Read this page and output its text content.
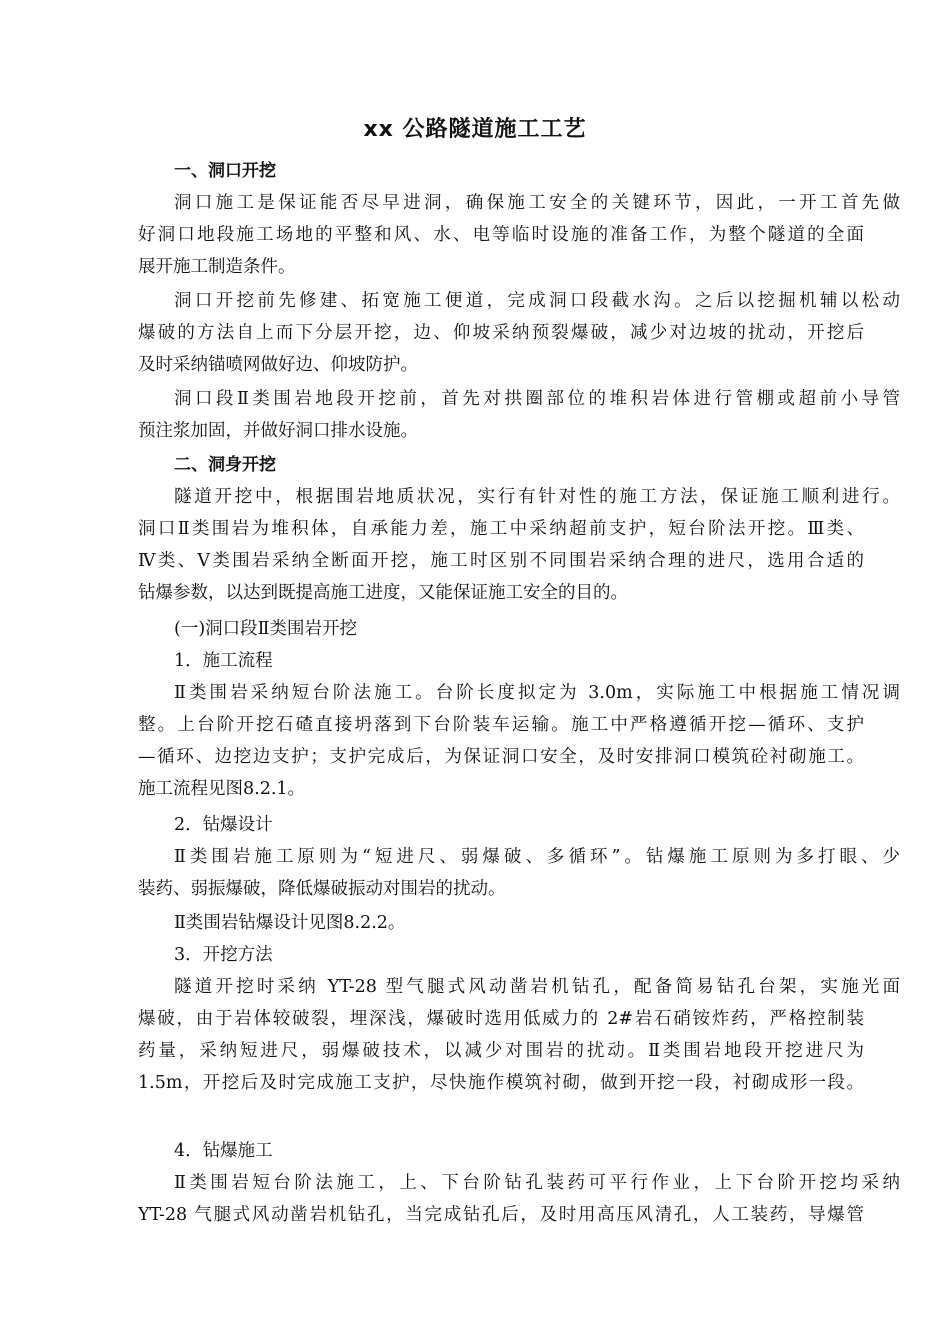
xx 公路隧道施工工艺
一、洞口开挖
洞口施工是保证能否尽早进洞，确保施工安全的关键环节，因此，一开工首先做
好洞口地段施工场地的平整和风、水、电等临时设施的准备工作，为整个隧道的全面
展开施工制造条件。
洞口开挖前先修建、拓宽施工便道，完成洞口段截水沟。之后以挖掘机辅以松动
爆破的方法自上而下分层开挖，边、仰坡采纳预裂爆破，减少对边坡的扰动，开挖后
及时采纳锚喷网做好边、仰坡防护。
洞口段Ⅱ类围岩地段开挖前，首先对拱圈部位的堆积岩体进行管棚或超前小导管
预注浆加固，并做好洞口排水设施。
二、洞身开挖
隧道开挖中，根据围岩地质状况，实行有针对性的施工方法，保证施工顺利进行。
洞口Ⅱ类围岩为堆积体，自承能力差，施工中采纳超前支护，短台阶法开挖。Ⅲ类、
Ⅳ类、Ⅴ类围岩采纳全断面开挖，施工时区别不同围岩采纳合理的进尺，选用合适的
钻爆参数，以达到既提高施工进度，又能保证施工安全的目的。
(一)洞口段Ⅱ类围岩开挖
1．施工流程
Ⅱ类围岩采纳短台阶法施工。台阶长度拟定为 3.0m，实际施工中根据施工情况调
整。上台阶开挖石碴直接坍落到下台阶装车运输。施工中严格遵循开挖—循环、支护
—循环、边挖边支护；支护完成后，为保证洞口安全，及时安排洞口模筑砼衬砌施工。
施工流程见图8.2.1。
2．钻爆设计
Ⅱ类围岩施工原则为“短进尺、弱爆破、多循环”。钻爆施工原则为多打眼、少
装药、弱振爆破，降低爆破振动对围岩的扰动。
Ⅱ类围岩钻爆设计见图8.2.2。
3．开挖方法
隧道开挖时采纳 YT-28 型气腿式风动凿岩机钻孔，配备简易钻孔台架，实施光面
爆破，由于岩体较破裂，埋深浅，爆破时选用低威力的 2#岩石硝铵炸药，严格控制装
药量，采纳短进尺，弱爆破技术，以减少对围岩的扰动。Ⅱ类围岩地段开挖进尺为
1.5m，开挖后及时完成施工支护，尽快施作模筑衬砌，做到开挖一段，衬砌成形一段。
4．钻爆施工
Ⅱ类围岩短台阶法施工，上、下台阶钻孔装药可平行作业，上下台阶开挖均采纳
YT-28 气腿式风动凿岩机钻孔，当完成钻孔后，及时用高压风清孔，人工装药，导爆管
